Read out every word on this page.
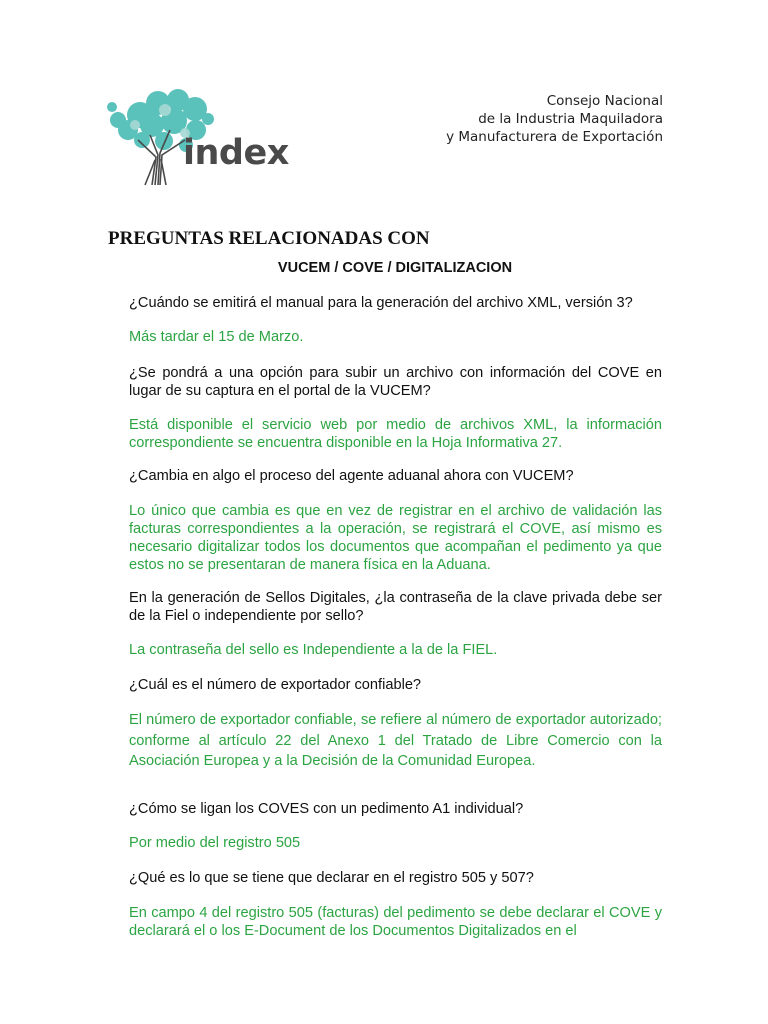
index
Consejo Nacional
de la Industria Maquiladora
y Manufacturera de Exportación
PREGUNTAS RELACIONADAS CON
VUCEM / COVE / DIGITALIZACION
¿Cuándo se emitirá el manual para la generación del archivo XML, versión 3?
Más tardar el 15 de Marzo.
¿Se pondrá a una opción para subir un archivo con información del COVE en lugar de su captura en el portal de la VUCEM?
Está disponible el servicio web por medio de archivos XML, la información correspondiente se encuentra disponible en la Hoja Informativa 27.
¿Cambia en algo el proceso del agente aduanal ahora con VUCEM?
Lo único que cambia es que en vez de registrar en el archivo de validación las facturas correspondientes a la operación, se registrará el COVE, así mismo es necesario digitalizar todos los documentos que acompañan el pedimento ya que estos no se presentaran de manera física en la Aduana.
En la generación de Sellos Digitales, ¿la contraseña de la clave privada debe ser de la Fiel o independiente por sello?
La contraseña del sello es Independiente a la de la FIEL.
¿Cuál es el número de exportador confiable?
El número de exportador confiable, se refiere al número de exportador autorizado; conforme al artículo 22 del Anexo 1 del Tratado de Libre Comercio con la Asociación Europea y a la Decisión de la Comunidad Europea.
¿Cómo se ligan los COVES con un pedimento A1 individual?
Por medio del registro 505
¿Qué es lo que se tiene que declarar en el registro 505 y 507?
En campo 4 del registro 505 (facturas) del pedimento se debe declarar el COVE y declarará el o los E-Document de los Documentos Digitalizados en el
